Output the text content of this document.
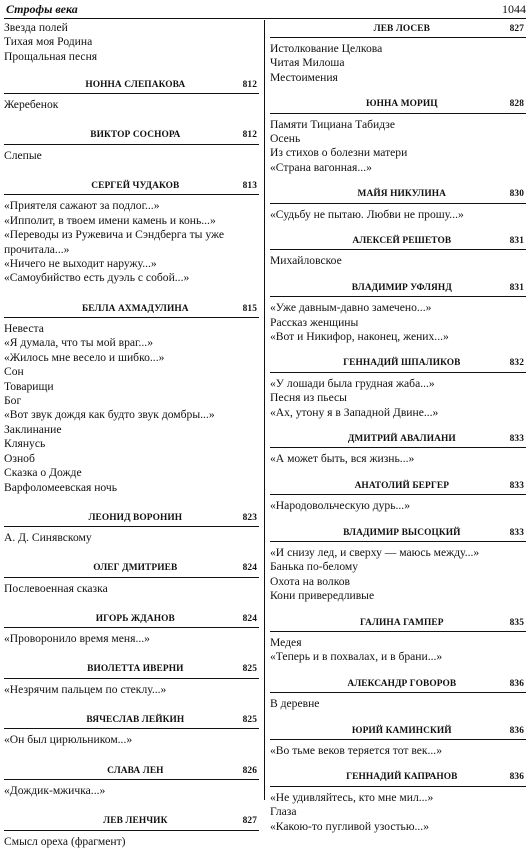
Строфы века	1044
Звезда полей
Тихая моя Родина
Прощальная песня
НОННА СЛЕПАКОВА	812
Жеребенок
ВИКТОР СОСНОРА	812
Слепые
СЕРГЕЙ ЧУДАКОВ	813
«Приятеля сажают за подлог...»
«Ипполит, в твоем имени камень и конь...»
«Переводы из Ружевича и Сэндберга ты уже
прочитала...»
«Ничего не выходит наружу...»
«Самоубийство есть дуэль с собой...»
БЕЛЛА АХМАДУЛИНА	815
Невеста
«Я думала, что ты мой враг...»
«Жилось мне весело и шибко...»
Сон
Товарищи
Бог
«Вот звук дождя как будто звук домбры...»
Заклинание
Клянусь
Озноб
Сказка о Дожде
Варфоломеевская ночь
ЛЕОНИД ВОРОНИН	823
А. Д. Синявскому
ОЛЕГ ДМИТРИЕВ	824
Послевоенная сказка
ИГОРЬ ЖДАНОВ	824
«Проворонило время меня...»
ВИОЛЕТТА ИВЕРНИ	825
«Незрячим пальцем по стеклу...»
ВЯЧЕСЛАВ ЛЕЙКИН	825
«Он был цирюльником...»
СЛАВА ЛЕН	826
«Дождик-мжичка...»
ЛЕВ ЛЕНЧИК	827
Смысл ореха (фрагмент)
ЛЕВ ЛОСЕВ	827
Истолкование Целкова
Читая Милоша
Местоимения
ЮННА МОРИЦ	828
Памяти Тициана Табидзе
Осень
Из стихов о болезни матери
«Страна вагонная...»
МАЙЯ НИКУЛИНА	830
«Судьбу не пытаю. Любви не прошу...»
АЛЕКСЕЙ РЕШЕТОВ	831
Михайловское
ВЛАДИМИР УФЛЯНД	831
«Уже давным-давно замечено...»
Рассказ женщины
«Вот и Никифор, наконец, жених...»
ГЕННАДИЙ ШПАЛИКОВ	832
«У лошади была грудная жаба...»
Песня из пьесы
«Ах, утону я в Западной Двине...»
ДМИТРИЙ АВАЛИАНИ	833
«А может быть, вся жизнь...»
АНАТОЛИЙ БЕРГЕР	833
«Народовольческую дурь...»
ВЛАДИМИР ВЫСОЦКИЙ	833
«И снизу лед, и сверху — маюсь между...»
Банька по-белому
Охота на волков
Кони привередливые
ГАЛИНА ГАМПЕР	835
Медея
«Теперь и в похвалах, и в брани...»
АЛЕКСАНДР ГОВОРОВ	836
В деревне
ЮРИЙ КАМИНСКИЙ	836
«Во тьме веков теряется тот век...»
ГЕННАДИЙ КАПРАНОВ	836
«Не удивляйтесь, кто мне мил...»
Глаза
«Какою-то пугливой узостью...»
